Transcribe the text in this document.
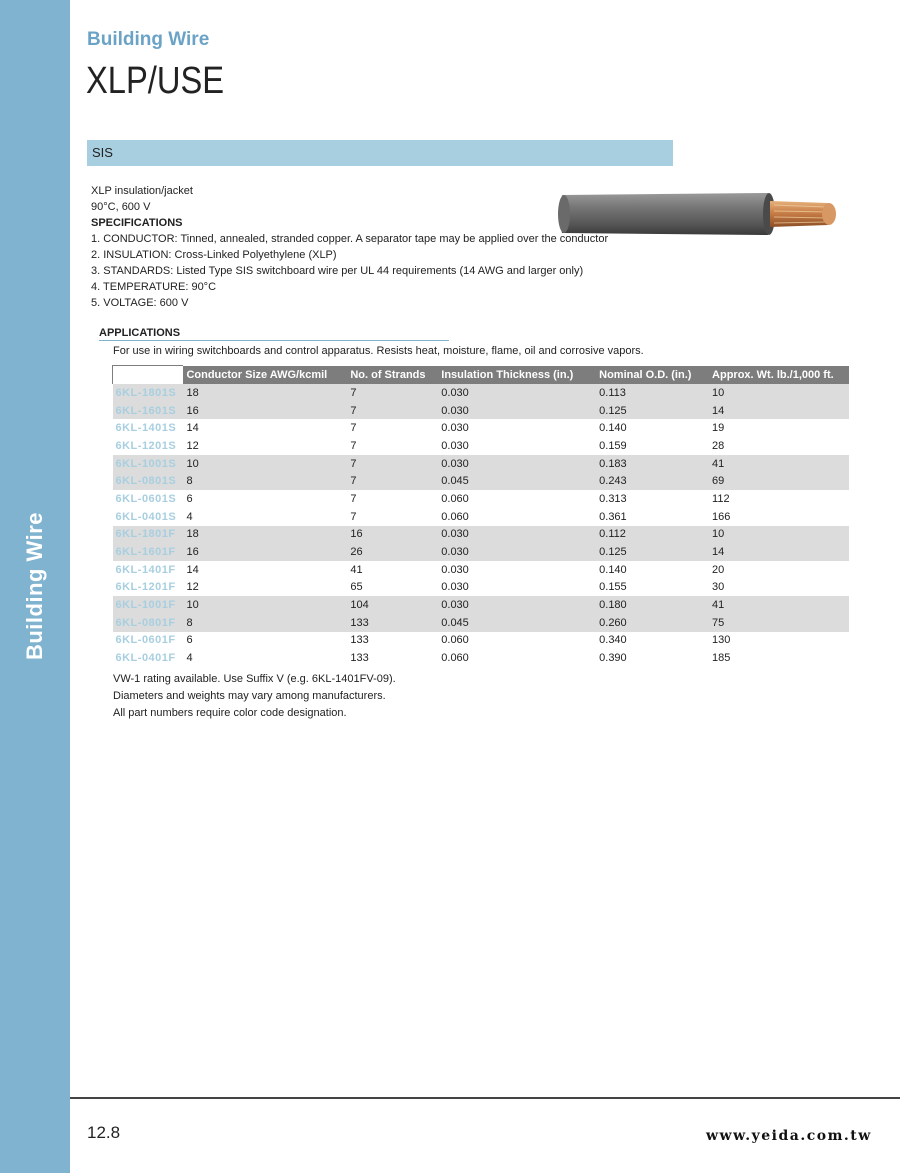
Building Wire
Building Wire
XLP/USE
SIS
XLP insulation/jacket
90°C, 600 V
SPECIFICATIONS
1. CONDUCTOR: Tinned, annealed, stranded copper. A separator tape may be applied over the conductor
2. INSULATION: Cross-Linked Polyethylene (XLP)
3. STANDARDS: Listed Type SIS switchboard wire per UL 44 requirements (14 AWG and larger only)
4. TEMPERATURE: 90°C
5. VOLTAGE: 600 V
APPLICATIONS
For use in wiring switchboards and control apparatus. Resists heat, moisture, flame, oil and corrosive vapors.
	Conductor Size AWG/kcmil	No. of Strands	Insulation Thickness (in.)	Nominal O.D. (in.)	Approx. Wt. lb./1,000 ft.
6KL-1801S	18	7	0.030	0.113	10
6KL-1601S	16	7	0.030	0.125	14
6KL-1401S	14	7	0.030	0.140	19
6KL-1201S	12	7	0.030	0.159	28
6KL-1001S	10	7	0.030	0.183	41
6KL-0801S	8	7	0.045	0.243	69
6KL-0601S	6	7	0.060	0.313	112
6KL-0401S	4	7	0.060	0.361	166
6KL-1801F	18	16	0.030	0.112	10
6KL-1601F	16	26	0.030	0.125	14
6KL-1401F	14	41	0.030	0.140	20
6KL-1201F	12	65	0.030	0.155	30
6KL-1001F	10	104	0.030	0.180	41
6KL-0801F	8	133	0.045	0.260	75
6KL-0601F	6	133	0.060	0.340	130
6KL-0401F	4	133	0.060	0.390	185
VW-1 rating available. Use Suffix V (e.g. 6KL-1401FV-09).
Diameters and weights may vary among manufacturers.
All part numbers require color code designation.
12.8	www.yeida.com.tw
